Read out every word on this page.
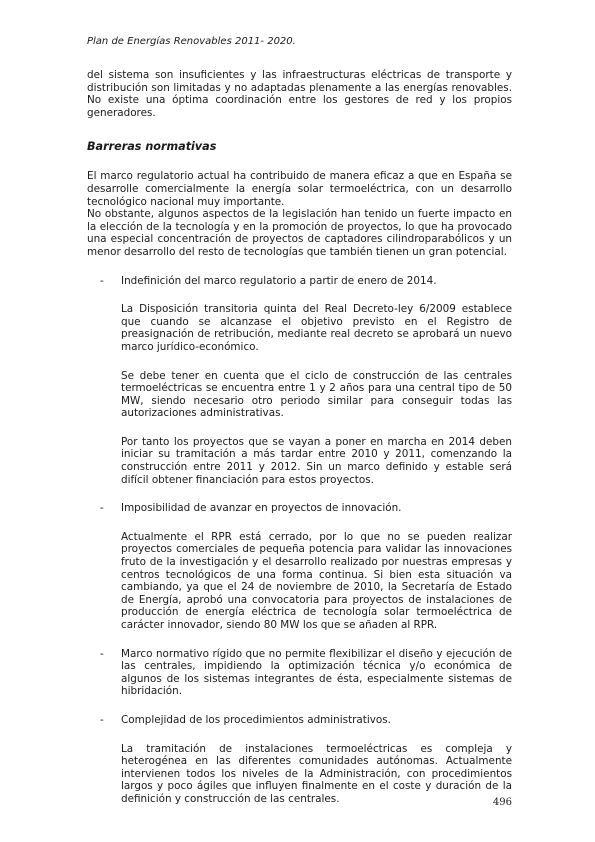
Plan de Energías Renovables 2011- 2020.

del sistema son insuficientes y las infraestructuras eléctricas de transporte y distribución son limitadas y no adaptadas plenamente a las energías renovables. No existe una óptima coordinación entre los gestores de red y los propios generadores.

Barreras normativas

El marco regulatorio actual ha contribuido de manera eficaz a que en España se desarrolle comercialmente la energía solar termoeléctrica, con un desarrollo tecnológico nacional muy importante.

No obstante, algunos aspectos de la legislación han tenido un fuerte impacto en la elección de la tecnología y en la promoción de proyectos, lo que ha provocado una especial concentración de proyectos de captadores cilindroparabólicos y un menor desarrollo del resto de tecnologías que también tienen un gran potencial.

- Indefinición del marco regulatorio a partir de enero de 2014.

La Disposición transitoria quinta del Real Decreto-ley 6/2009 establece que cuando se alcanzase el objetivo previsto en el Registro de preasignación de retribución, mediante real decreto se aprobará un nuevo marco jurídico-económico.

Se debe tener en cuenta que el ciclo de construcción de las centrales termoeléctricas se encuentra entre 1 y 2 años para una central tipo de 50 MW, siendo necesario otro periodo similar para conseguir todas las autorizaciones administrativas.

Por tanto los proyectos que se vayan a poner en marcha en 2014 deben iniciar su tramitación a más tardar entre 2010 y 2011, comenzando la construcción entre 2011 y 2012. Sin un marco definido y estable será difícil obtener financiación para estos proyectos.

- Imposibilidad de avanzar en proyectos de innovación.

Actualmente el RPR está cerrado, por lo que no se pueden realizar proyectos comerciales de pequeña potencia para validar las innovaciones fruto de la investigación y el desarrollo realizado por nuestras empresas y centros tecnológicos de una forma continua. Si bien esta situación va cambiando, ya que el 24 de noviembre de 2010, la Secretaría de Estado de Energía, aprobó una convocatoria para proyectos de instalaciones de producción de energía eléctrica de tecnología solar termoeléctrica de carácter innovador, siendo 80 MW los que se añaden al RPR.

- Marco normativo rígido que no permite flexibilizar el diseño y ejecución de las centrales, impidiendo la optimización técnica y/o económica de algunos de los sistemas integrantes de ésta, especialmente sistemas de hibridación.

- Complejidad de los procedimientos administrativos.

La tramitación de instalaciones termoeléctricas es compleja y heterogénea en las diferentes comunidades autónomas. Actualmente intervienen todos los niveles de la Administración, con procedimientos largos y poco ágiles que influyen finalmente en el coste y duración de la definición y construcción de las centrales.	496
